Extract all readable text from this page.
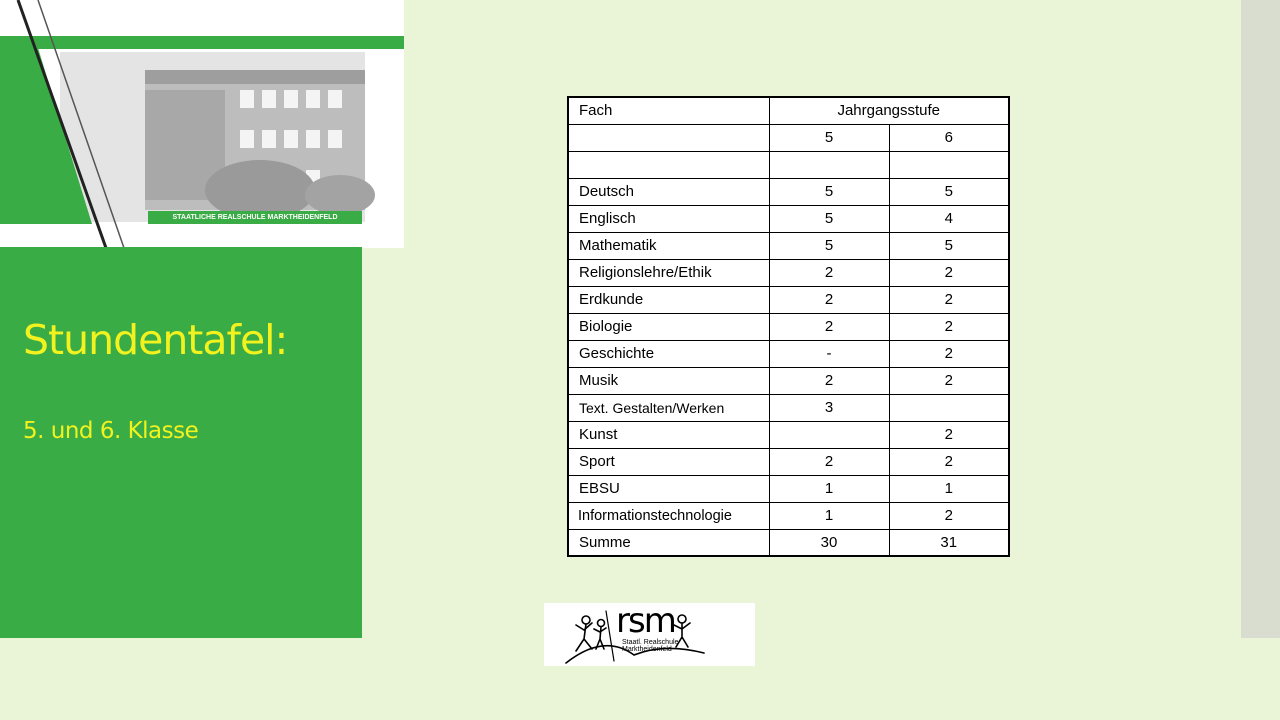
STAATLICHE REALSCHULE MARKTHEIDENFELD
Stundentafel:
5. und 6. Klasse
Fach	Jahrgangsstufe	
	5	6

Deutsch	5	5
Englisch	5	4
Mathematik	5	5
Religionslehre/Ethik	2	2
Erdkunde	2	2
Biologie	2	2
Geschichte	-	2
Musik	2	2
Text. Gestalten/Werken	3	
Kunst		2
Sport	2	2
EBSU	1	1
Informationstechnologie	1	2
Summe	30	31
rsm
Staatl. Realschule
Marktheidenfeld
